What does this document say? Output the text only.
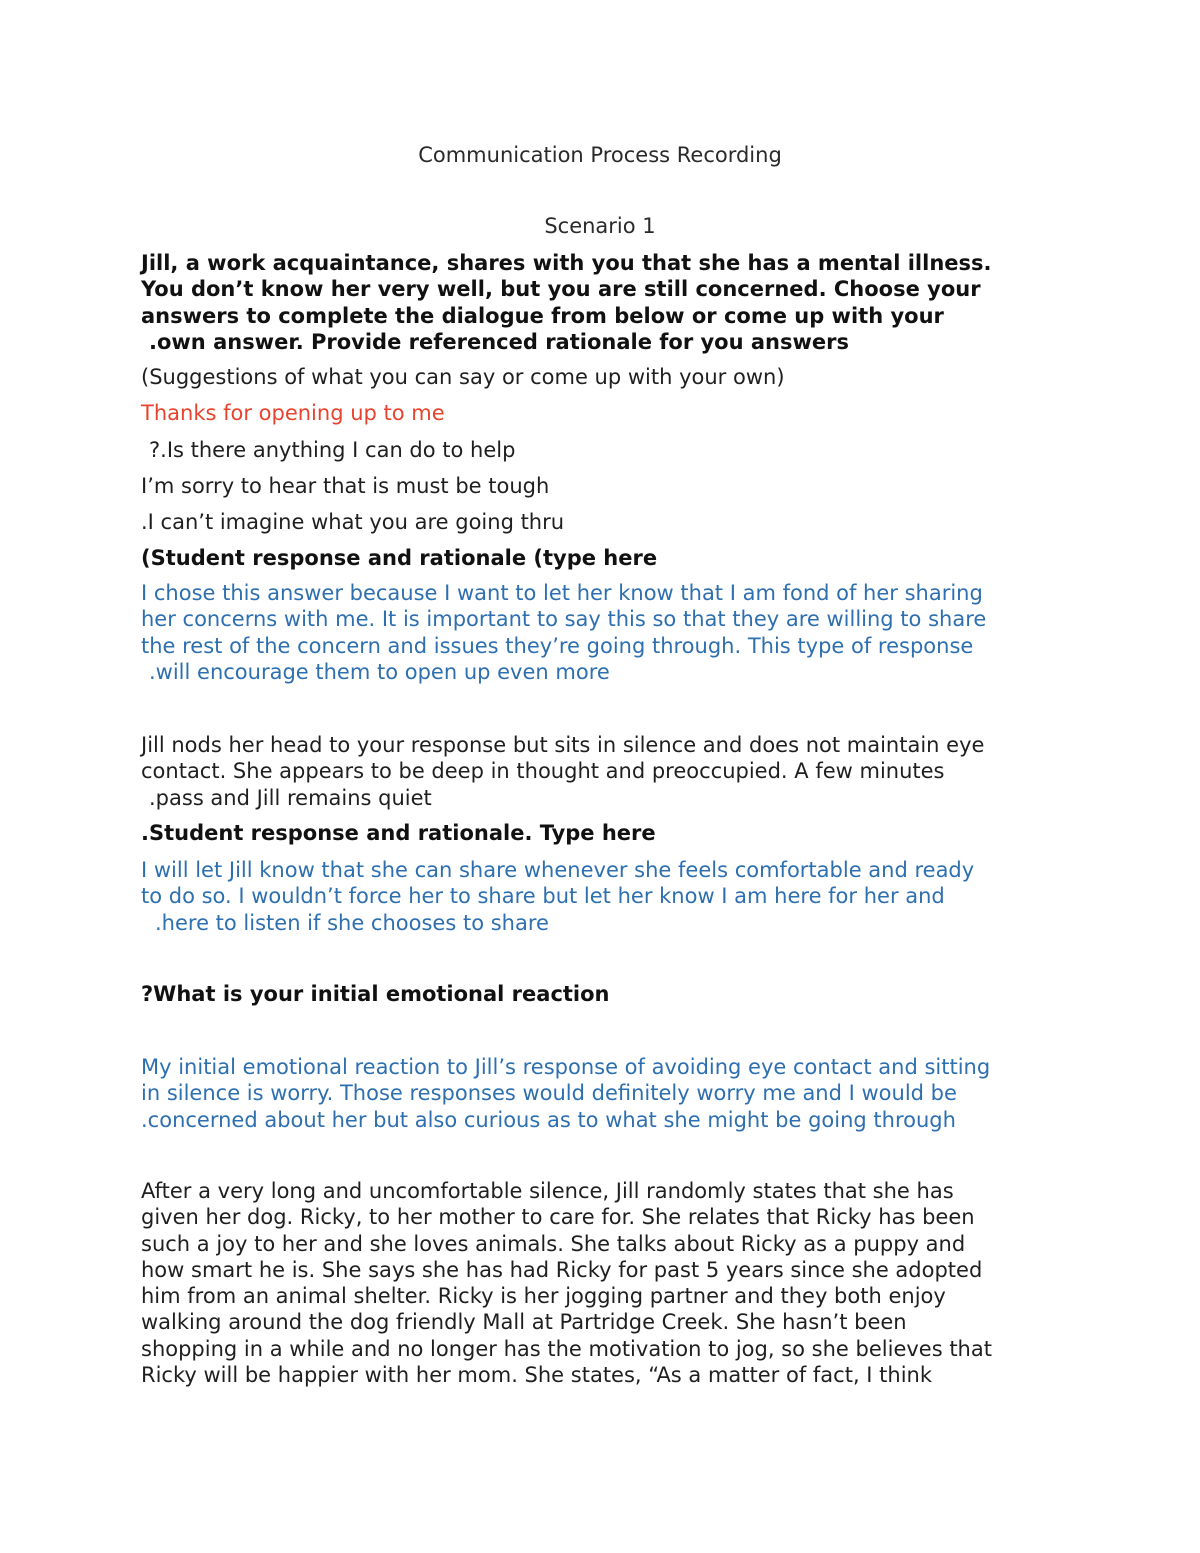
Communication Process Recording
Scenario 1
Jill, a work acquaintance, shares with you that she has a mental illness.
You don’t know her very well, but you are still concerned. Choose your
answers to complete the dialogue from below or come up with your
.own answer. Provide referenced rationale for you answers
(Suggestions of what you can say or come up with your own)
Thanks for opening up to me
?.Is there anything I can do to help
I’m sorry to hear that is must be tough
.I can’t imagine what you are going thru
(Student response and rationale (type here
I chose this answer because I want to let her know that I am fond of her sharing
her concerns with me. It is important to say this so that they are willing to share
the rest of the concern and issues they’re going through. This type of response
.will encourage them to open up even more
Jill nods her head to your response but sits in silence and does not maintain eye
contact. She appears to be deep in thought and preoccupied. A few minutes
.pass and Jill remains quiet
.Student response and rationale. Type here
I will let Jill know that she can share whenever she feels comfortable and ready
to do so. I wouldn’t force her to share but let her know I am here for her and
.here to listen if she chooses to share
?What is your initial emotional reaction
My initial emotional reaction to Jill’s response of avoiding eye contact and sitting
in silence is worry. Those responses would definitely worry me and I would be
.concerned about her but also curious as to what she might be going through
After a very long and uncomfortable silence, Jill randomly states that she has
given her dog. Ricky, to her mother to care for. She relates that Ricky has been
such a joy to her and she loves animals. She talks about Ricky as a puppy and
how smart he is. She says she has had Ricky for past 5 years since she adopted
him from an animal shelter. Ricky is her jogging partner and they both enjoy
walking around the dog friendly Mall at Partridge Creek. She hasn’t been
shopping in a while and no longer has the motivation to jog, so she believes that
Ricky will be happier with her mom. She states, “As a matter of fact, I think
